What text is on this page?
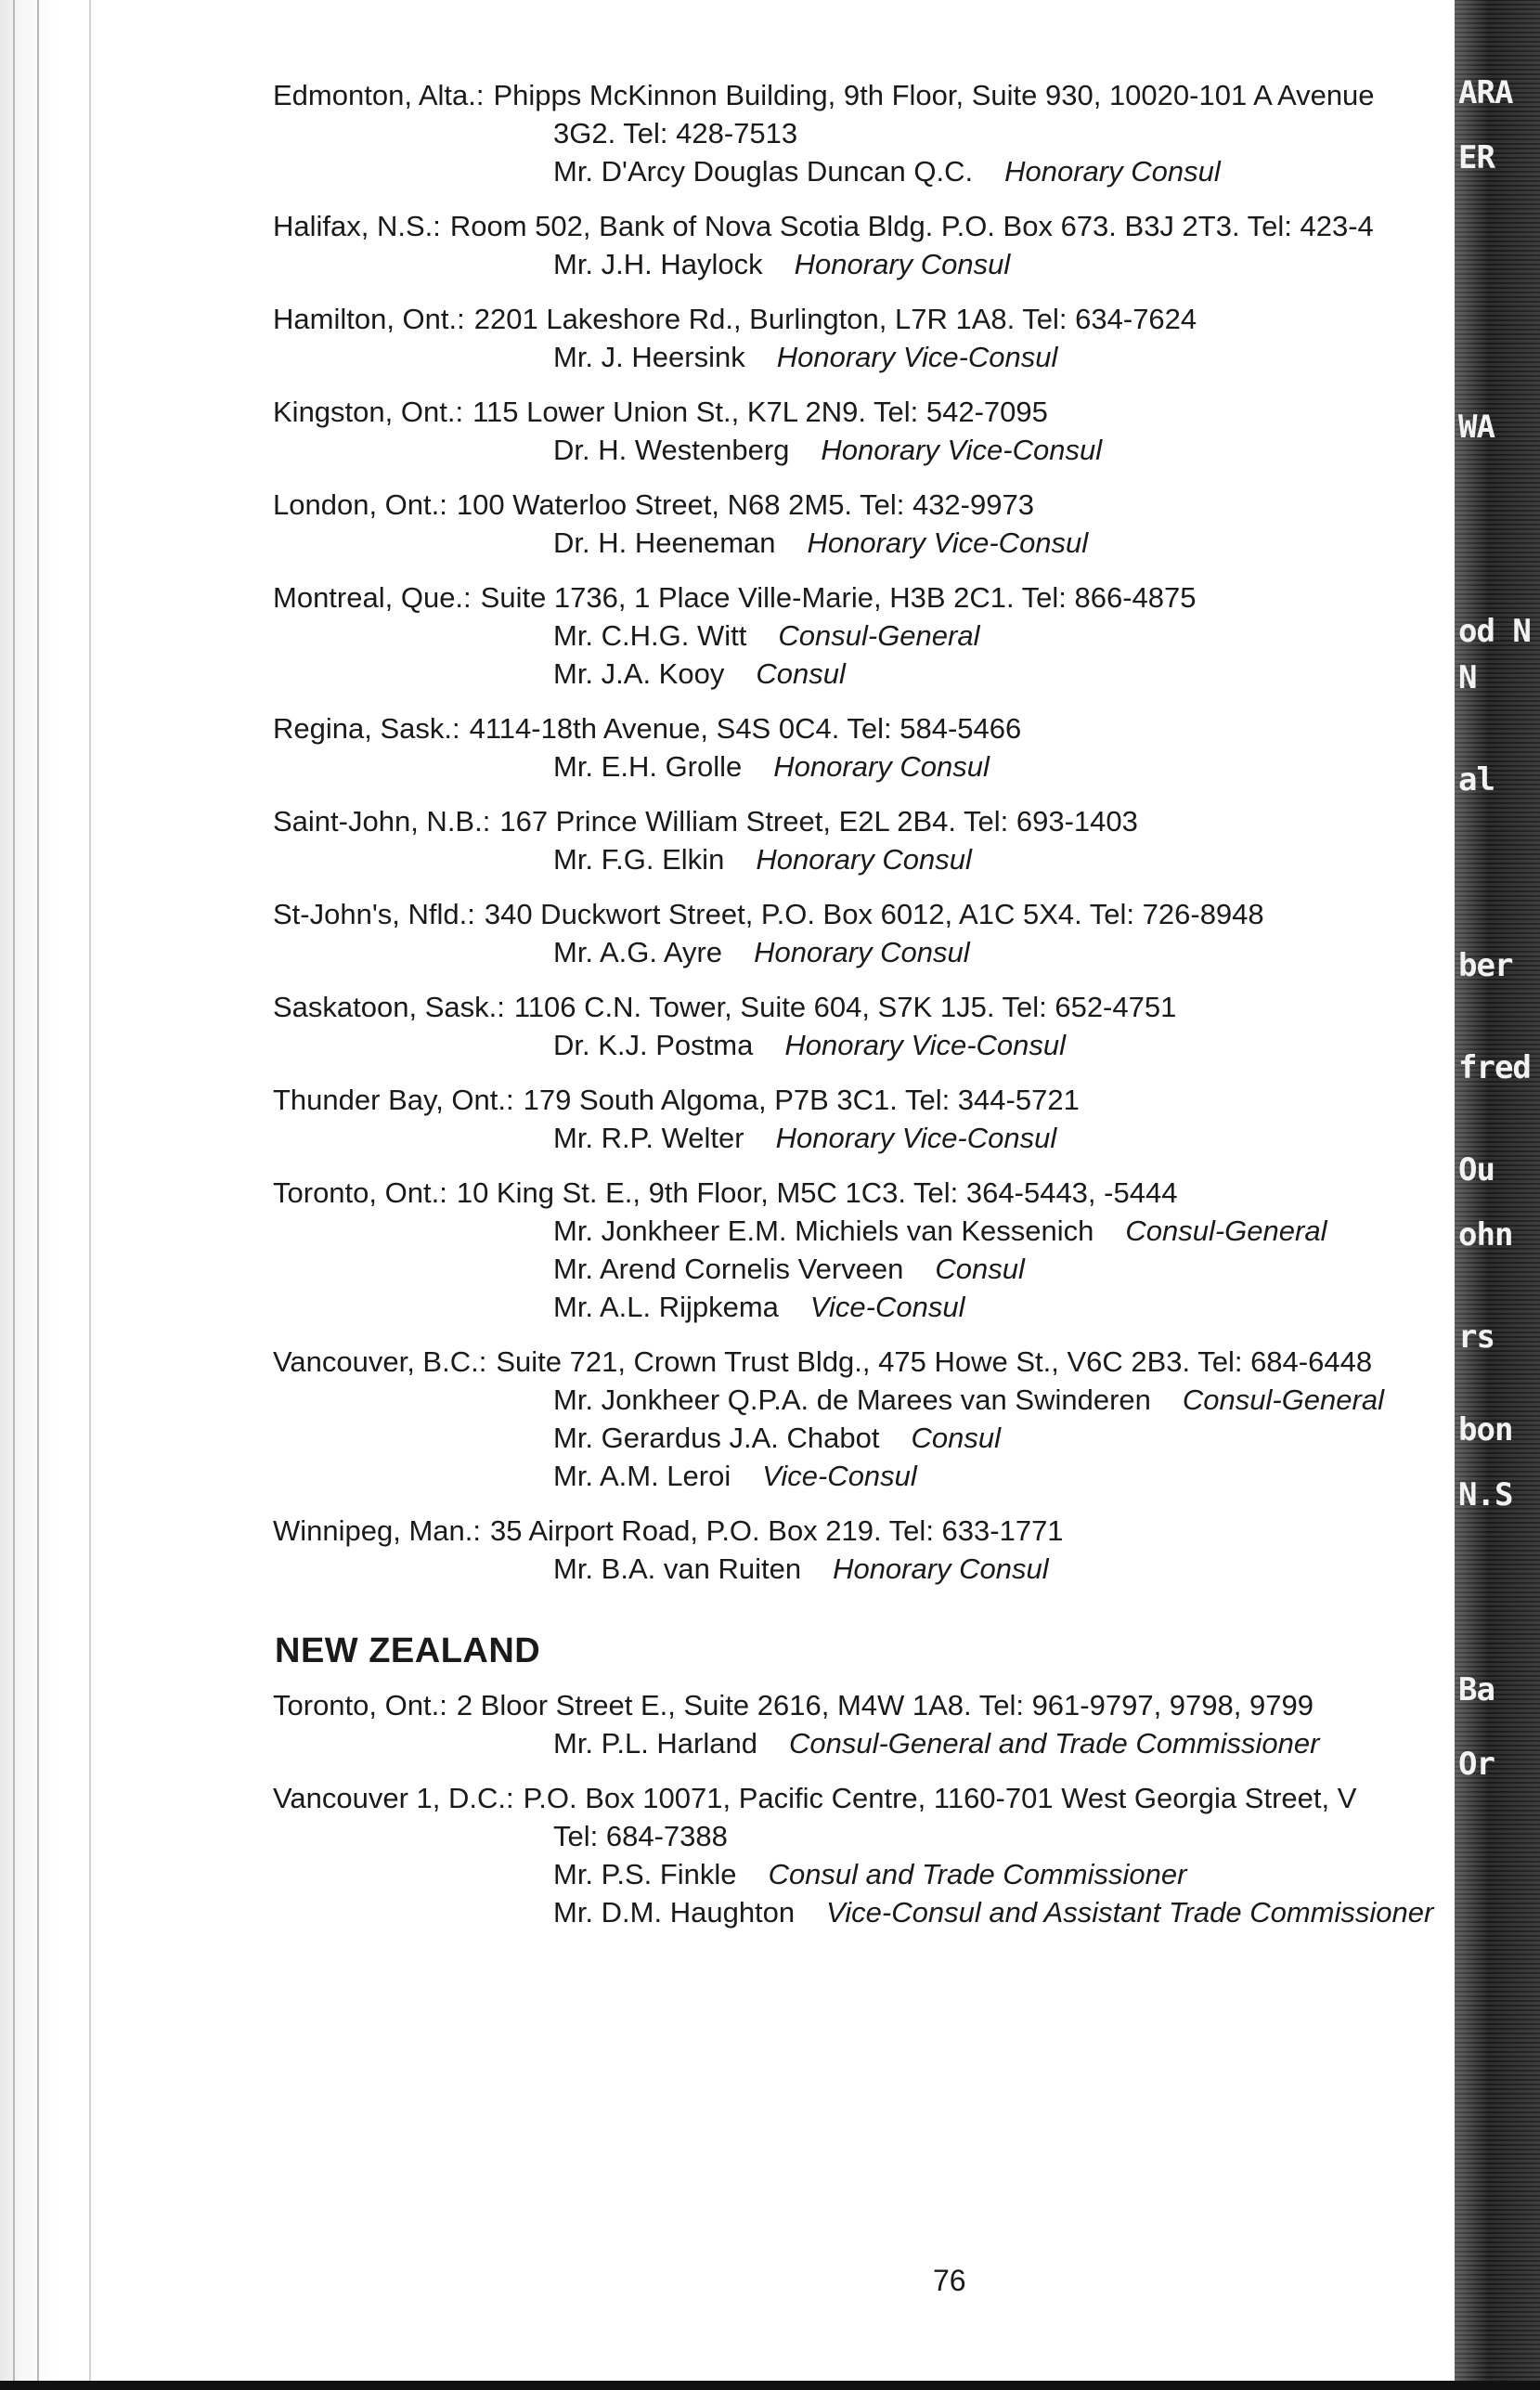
Edmonton, Alta.: Phipps McKinnon Building, 9th Floor, Suite 930, 10020-101 A Avenue
3G2. Tel: 428-7513
Mr. D'Arcy Douglas Duncan Q.C. Honorary Consul
Halifax, N.S.: Room 502, Bank of Nova Scotia Bldg. P.O. Box 673. B3J 2T3. Tel: 423-4
Mr. J.H. Haylock Honorary Consul
Hamilton, Ont.: 2201 Lakeshore Rd., Burlington, L7R 1A8. Tel: 634-7624
Mr. J. Heersink Honorary Vice-Consul
Kingston, Ont.: 115 Lower Union St., K7L 2N9. Tel: 542-7095
Dr. H. Westenberg Honorary Vice-Consul
London, Ont.: 100 Waterloo Street, N68 2M5. Tel: 432-9973
Dr. H. Heeneman Honorary Vice-Consul
Montreal, Que.: Suite 1736, 1 Place Ville-Marie, H3B 2C1. Tel: 866-4875
Mr. C.H.G. Witt Consul-General
Mr. J.A. Kooy Consul
Regina, Sask.: 4114-18th Avenue, S4S 0C4. Tel: 584-5466
Mr. E.H. Grolle Honorary Consul
Saint-John, N.B.: 167 Prince William Street, E2L 2B4. Tel: 693-1403
Mr. F.G. Elkin Honorary Consul
St-John's, Nfld.: 340 Duckwort Street, P.O. Box 6012, A1C 5X4. Tel: 726-8948
Mr. A.G. Ayre Honorary Consul
Saskatoon, Sask.: 1106 C.N. Tower, Suite 604, S7K 1J5. Tel: 652-4751
Dr. K.J. Postma Honorary Vice-Consul
Thunder Bay, Ont.: 179 South Algoma, P7B 3C1. Tel: 344-5721
Mr. R.P. Welter Honorary Vice-Consul
Toronto, Ont.: 10 King St. E., 9th Floor, M5C 1C3. Tel: 364-5443, -5444
Mr. Jonkheer E.M. Michiels van Kessenich Consul-General
Mr. Arend Cornelis Verveen Consul
Mr. A.L. Rijpkema Vice-Consul
Vancouver, B.C.: Suite 721, Crown Trust Bldg., 475 Howe St., V6C 2B3. Tel: 684-6448
Mr. Jonkheer Q.P.A. de Marees van Swinderen Consul-General
Mr. Gerardus J.A. Chabot Consul
Mr. A.M. Leroi Vice-Consul
Winnipeg, Man.: 35 Airport Road, P.O. Box 219. Tel: 633-1771
Mr. B.A. van Ruiten Honorary Consul
NEW ZEALAND
Toronto, Ont.: 2 Bloor Street E., Suite 2616, M4W 1A8. Tel: 961-9797, 9798, 9799
Mr. P.L. Harland Consul-General and Trade Commissioner
Vancouver 1, D.C.: P.O. Box 10071, Pacific Centre, 1160-701 West Georgia Street, V
Tel: 684-7388
Mr. P.S. Finkle Consul and Trade Commissioner
Mr. D.M. Haughton Vice-Consul and Assistant Trade Commissioner
ARA
ER
WA
od N
N
al
ber
fred
Ou
ohn
rs
bon
N.S
Ba
Or
76
